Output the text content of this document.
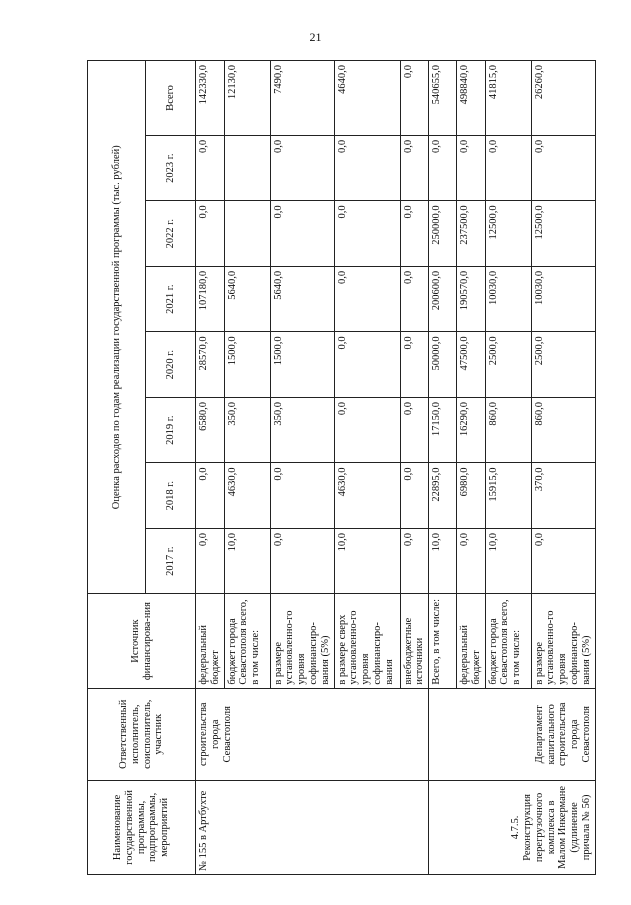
21
Наименование государственной программы, подпрограммы, мероприятий	Ответственный исполнитель, соисполнитель, участник	Источник финансирова-ния	Оценка расходов по годам реализации государственной программы (тыс. рублей)							
			2017 г.	2018 г.	2019 г.	2020 г.	2021 г.	2022 г.	2023 г.	Всего
№ 155 в Артбухте	строительства города Севастополя	федеральный бюджет	0,0	0,0	6580,0	28570,0	107180,0	0,0	0,0	142330,0
		бюджет города Севастополя всего, в том числе:	10,0	4630,0	350,0	1500,0	5640,0			12130,0
		в размере установленно-го уровня софинансиро-вания (5%)	0,0	0,0	350,0	1500,0	5640,0	0,0	0,0	7490,0
		в размере сверх установленно-го уровня софинансиро-вания	10,0	4630,0	0,0	0,0	0,0	0,0	0,0	4640,0
		внебюджетные источники	0,0	0,0	0,0	0,0	0,0	0,0	0,0	0,0
4.7.5. Реконструкция перегрузочного комплекса в Малом Инкермане (удлинение причала № 56)	Департамент капитального строительства города Севастополя	Всего, в том числе:	10,0	22895,0	17150,0	50000,0	200600,0	250000,0	0,0	540655,0
		федеральный бюджет	0,0	6980,0	16290,0	47500,0	190570,0	237500,0	0,0	498840,0
		бюджет города Севастополя всего, в том числе:	10,0	15915,0	860,0	2500,0	10030,0	12500,0	0,0	41815,0
		в размере установленно-го уровня софинансиро-вания (5%)	0,0	370,0	860,0	2500,0	10030,0	12500,0	0,0	26260,0
